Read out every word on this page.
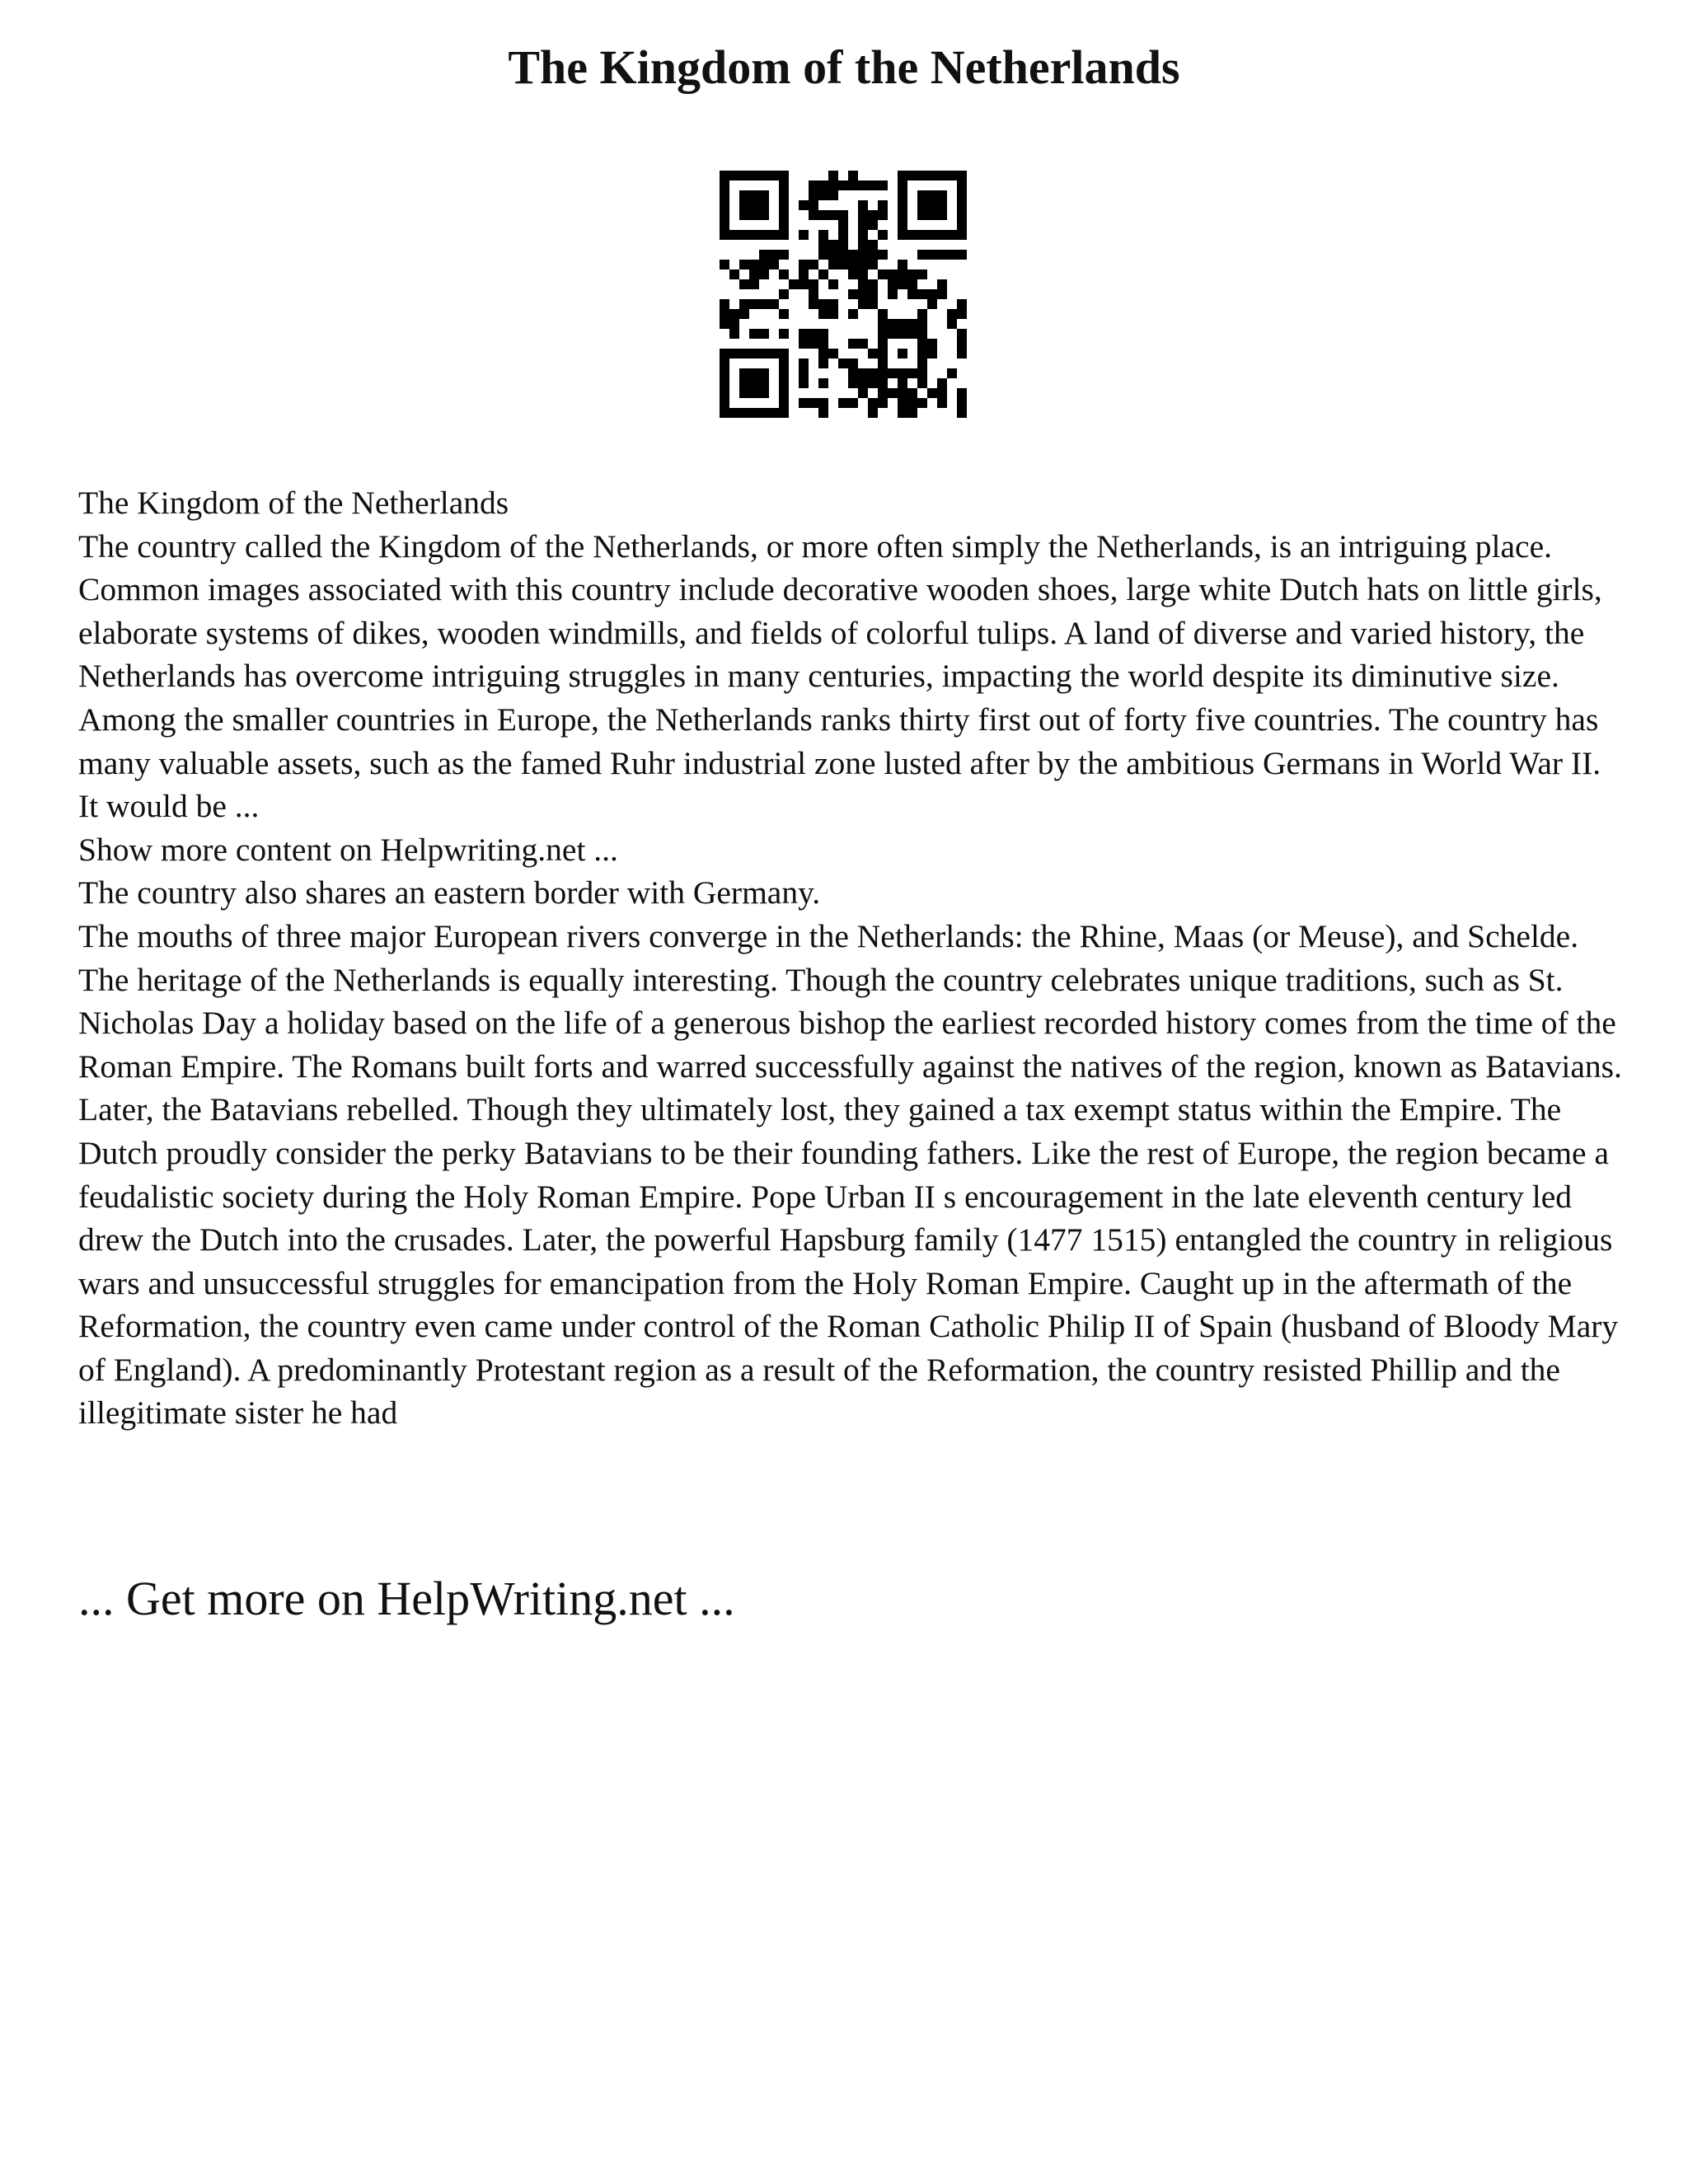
The Kingdom of the Netherlands

The Kingdom of the Netherlands

The country called the Kingdom of the Netherlands, or more often simply the Netherlands, is an intriguing place. Common images associated with this country include decorative wooden shoes, large white Dutch hats on little girls, elaborate systems of dikes, wooden windmills, and fields of colorful tulips. A land of diverse and varied history, the Netherlands has overcome intriguing struggles in many centuries, impacting the world despite its diminutive size. Among the smaller countries in Europe, the Netherlands ranks thirty first out of forty five countries. The country has many valuable assets, such as the famed Ruhr industrial zone lusted after by the ambitious Germans in World War II. It would be ...

Show more content on Helpwriting.net ...

The country also shares an eastern border with Germany.

The mouths of three major European rivers converge in the Netherlands: the Rhine, Maas (or Meuse), and Schelde. The heritage of the Netherlands is equally interesting. Though the country celebrates unique traditions, such as St. Nicholas Day a holiday based on the life of a generous bishop the earliest recorded history comes from the time of the Roman Empire. The Romans built forts and warred successfully against the natives of the region, known as Batavians. Later, the Batavians rebelled. Though they ultimately lost, they gained a tax exempt status within the Empire. The Dutch proudly consider the perky Batavians to be their founding fathers. Like the rest of Europe, the region became a feudalistic society during the Holy Roman Empire. Pope Urban II s encouragement in the late eleventh century led drew the Dutch into the crusades. Later, the powerful Hapsburg family (1477 1515) entangled the country in religious wars and unsuccessful struggles for emancipation from the Holy Roman Empire. Caught up in the aftermath of the Reformation, the country even came under control of the Roman Catholic Philip II of Spain (husband of Bloody Mary of England). A predominantly Protestant region as a result of the Reformation, the country resisted Phillip and the illegitimate sister he had

... Get more on HelpWriting.net ...
